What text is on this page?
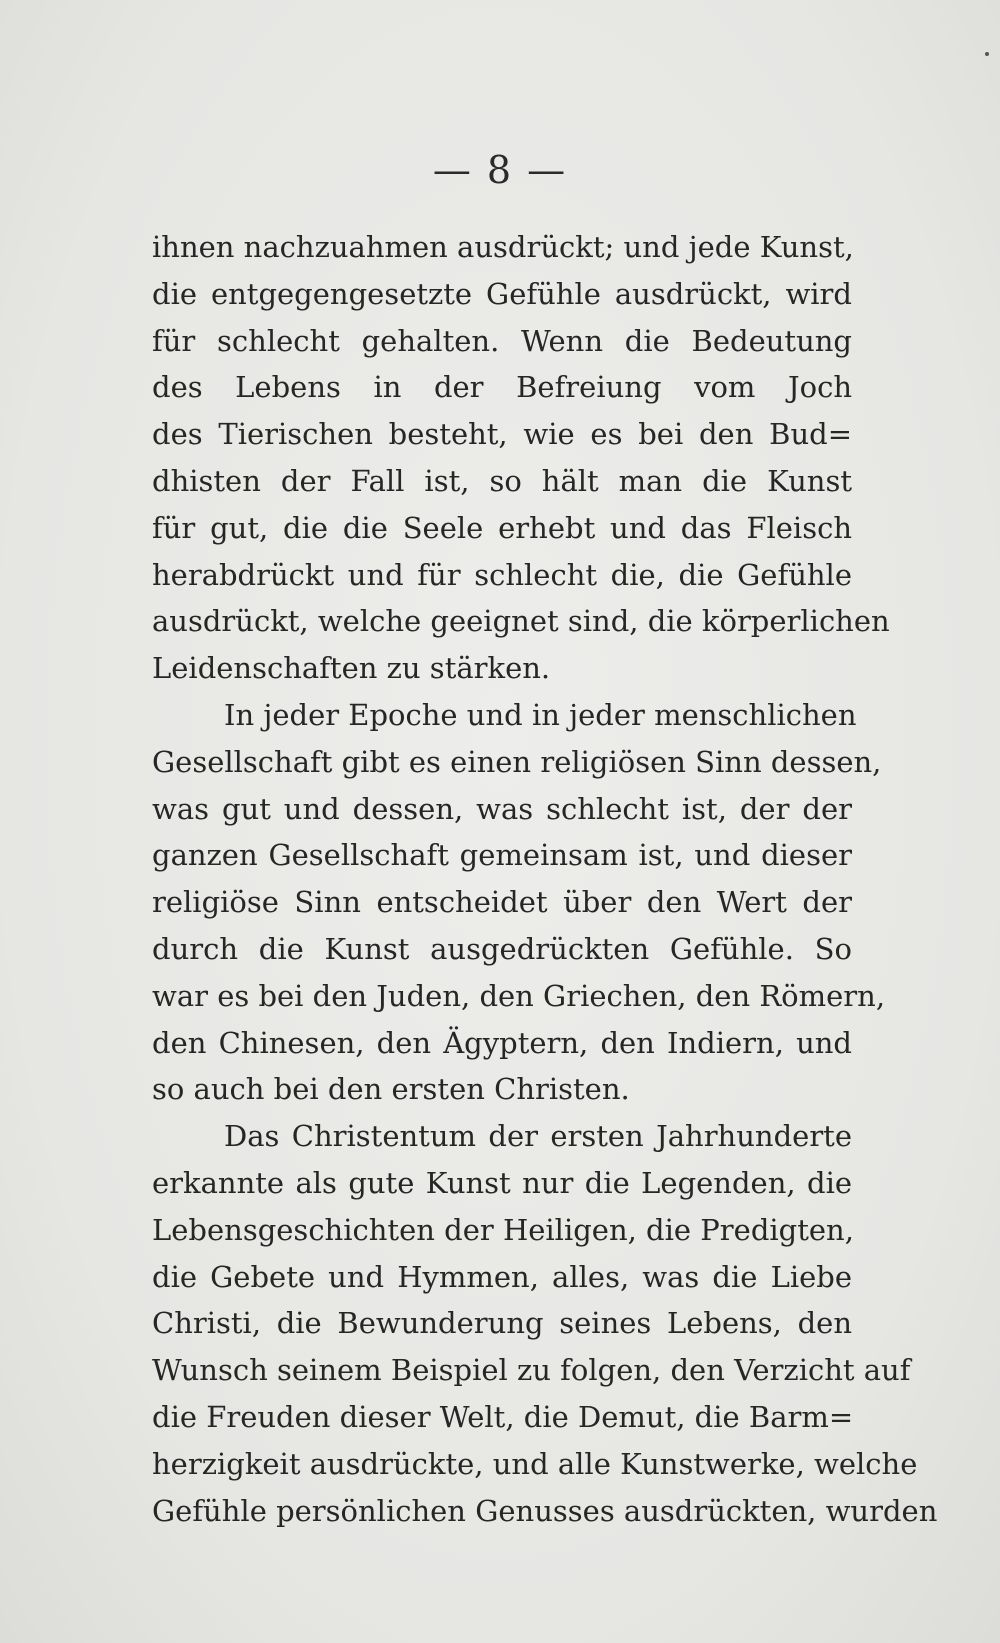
— 8 —
ihnen nachzuahmen ausdrückt; und jede Kunst,
die entgegengesetzte Gefühle ausdrückt, wird
für schlecht gehalten. Wenn die Bedeutung
des Lebens in der Befreiung vom Joch
des Tierischen besteht, wie es bei den Bud=
dhisten der Fall ist, so hält man die Kunst
für gut, die die Seele erhebt und das Fleisch
herabdrückt und für schlecht die, die Gefühle
ausdrückt, welche geeignet sind, die körperlichen
Leidenschaften zu stärken.
In jeder Epoche und in jeder menschlichen
Gesellschaft gibt es einen religiösen Sinn dessen,
was gut und dessen, was schlecht ist, der der
ganzen Gesellschaft gemeinsam ist, und dieser
religiöse Sinn entscheidet über den Wert der
durch die Kunst ausgedrückten Gefühle. So
war es bei den Juden, den Griechen, den Römern,
den Chinesen, den Ägyptern, den Indiern, und
so auch bei den ersten Christen.
Das Christentum der ersten Jahrhunderte
erkannte als gute Kunst nur die Legenden, die
Lebensgeschichten der Heiligen, die Predigten,
die Gebete und Hymmen, alles, was die Liebe
Christi, die Bewunderung seines Lebens, den
Wunsch seinem Beispiel zu folgen, den Verzicht auf
die Freuden dieser Welt, die Demut, die Barm=
herzigkeit ausdrückte, und alle Kunstwerke, welche
Gefühle persönlichen Genusses ausdrückten, wurden
